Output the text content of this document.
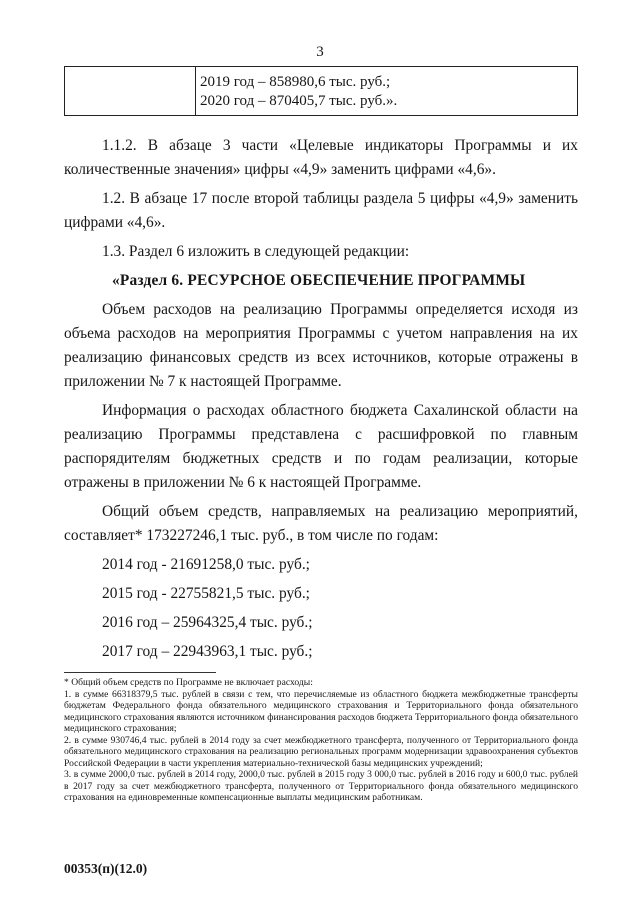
3
2019 год – 858980,6 тыс. руб.;
2020 год – 870405,7 тыс. руб.».

1.1.2. В абзаце 3 части «Целевые индикаторы Программы и их количественные значения» цифры «4,9» заменить цифрами «4,6».

1.2. В абзаце 17 после второй таблицы раздела 5 цифры «4,9» заменить цифрами «4,6».

1.3. Раздел 6 изложить в следующей редакции:

«Раздел 6. РЕСУРСНОЕ ОБЕСПЕЧЕНИЕ ПРОГРАММЫ

Объем расходов на реализацию Программы определяется исходя из объема расходов на мероприятия Программы с учетом направления на их реализацию финансовых средств из всех источников, которые отражены в приложении № 7 к настоящей Программе.

Информация о расходах областного бюджета Сахалинской области на реализацию Программы представлена с расшифровкой по главным распорядителям бюджетных средств и по годам реализации, которые отражены в приложении № 6 к настоящей Программе.

Общий объем средств, направляемых на реализацию мероприятий, составляет* 173227246,1 тыс. руб., в том числе по годам:

2014 год - 21691258,0 тыс. руб.;

2015 год - 22755821,5 тыс. руб.;

2016 год – 25964325,4 тыс. руб.;

2017 год – 22943963,1 тыс. руб.;

* Общий объем средств по Программе не включает расходы:

1. в сумме 66318379,5 тыс. рублей в связи с тем, что перечисляемые из областного бюджета межбюджетные трансферты бюджетам Федерального фонда обязательного медицинского страхования и Территориального фонда обязательного медицинского страхования являются источником финансирования расходов бюджета Территориального фонда обязательного медицинского страхования;

2. в сумме 930746,4 тыс. рублей в 2014 году за счет межбюджетного трансферта, полученного от Территориального фонда обязательного медицинского страхования на реализацию региональных программ модернизации здравоохранения субъектов Российской Федерации в части укрепления материально-технической базы медицинских учреждений;

3. в сумме 2000,0 тыс. рублей в 2014 году, 2000,0 тыс. рублей в 2015 году 3 000,0 тыс. рублей в 2016 году и 600,0 тыс. рублей в 2017 году за счет межбюджетного трансферта, полученного от Территориального фонда обязательного медицинского страхования на единовременные компенсационные выплаты медицинским работникам.

00353(п)(12.0)
